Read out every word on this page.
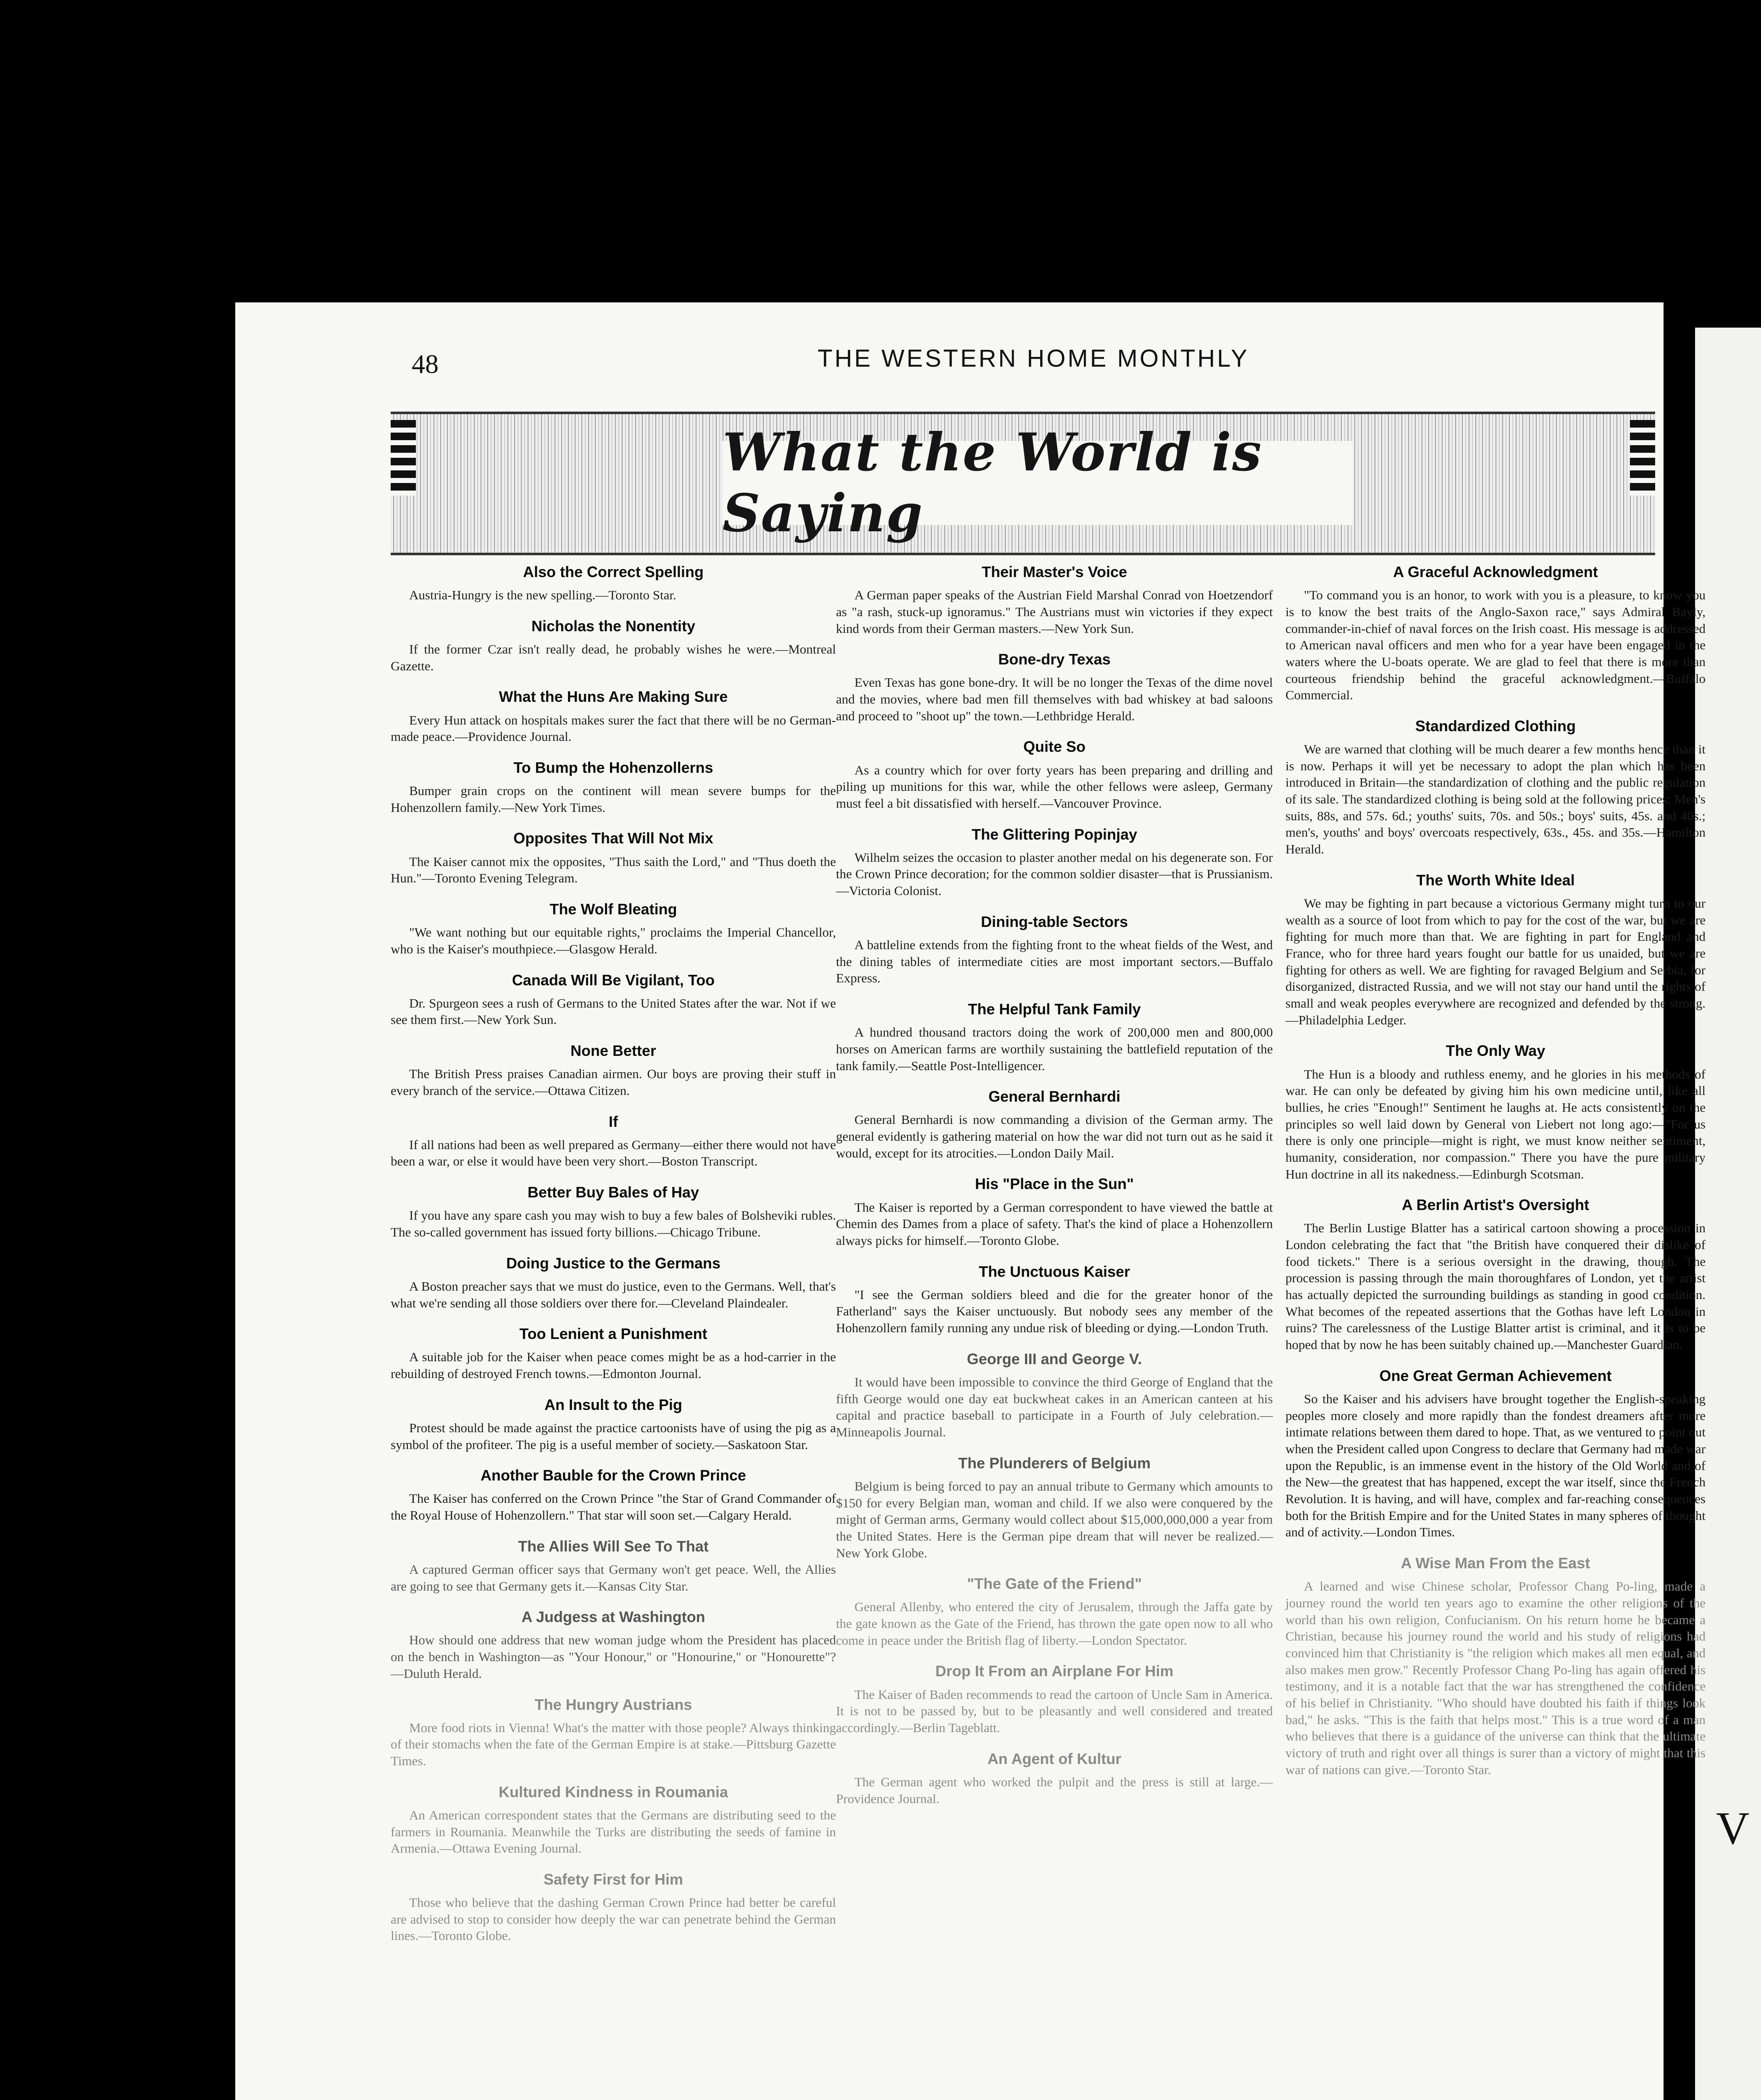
48	THE WESTERN HOME MONTHLY
What the World is Saying
Also the Correct Spelling

Austria-Hungry is the new spelling.—Toronto Star.

Nicholas the Nonentity

If the former Czar isn't really dead, he probably wishes he were.—Montreal Gazette.

What the Huns Are Making Sure

Every Hun attack on hospitals makes surer the fact that there will be no German-made peace.—Providence Journal.

To Bump the Hohenzollerns

Bumper grain crops on the continent will mean severe bumps for the Hohenzollern family.—New York Times.

Opposites That Will Not Mix

The Kaiser cannot mix the opposites, "Thus saith the Lord," and "Thus doeth the Hun."—Toronto Evening Telegram.

The Wolf Bleating

"We want nothing but our equitable rights," proclaims the Imperial Chancellor, who is the Kaiser's mouthpiece.—Glasgow Herald.

Canada Will Be Vigilant, Too

Dr. Spurgeon sees a rush of Germans to the United States after the war. Not if we see them first.—New York Sun.

None Better

The British Press praises Canadian airmen. Our boys are proving their stuff in every branch of the service.—Ottawa Citizen.

If

If all nations had been as well prepared as Germany—either there would not have been a war, or else it would have been very short.—Boston Transcript.

Better Buy Bales of Hay

If you have any spare cash you may wish to buy a few bales of Bolsheviki rubles. The so-called government has issued forty billions.—Chicago Tribune.

Doing Justice to the Germans

A Boston preacher says that we must do justice, even to the Germans. Well, that's what we're sending all those soldiers over there for.—Cleveland Plaindealer.

Too Lenient a Punishment

A suitable job for the Kaiser when peace comes might be as a hod-carrier in the rebuilding of destroyed French towns.—Edmonton Journal.

An Insult to the Pig

Protest should be made against the practice cartoonists have of using the pig as a symbol of the profiteer. The pig is a useful member of society.—Saskatoon Star.

Another Bauble for the Crown Prince

The Kaiser has conferred on the Crown Prince "the Star of Grand Commander of the Royal House of Hohenzollern." That star will soon set.—Calgary Herald.

The Allies Will See To That

A captured German officer says that Germany won't get peace. Well, the Allies are going to see that Germany gets it.—Kansas City Star.

A Judgess at Washington

How should one address that new woman judge whom the President has placed on the bench in Washington—as "Your Honour," or "Honourine," or "Honourette"?—Duluth Herald.

The Hungry Austrians

More food riots in Vienna! What's the matter with those people? Always thinking of their stomachs when the fate of the German Empire is at stake.—Pittsburg Gazette Times.

Kultured Kindness in Roumania

An American correspondent states that the Germans are distributing seed to the farmers in Roumania. Meanwhile the Turks are distributing the seeds of famine in Armenia.—Ottawa Evening Journal.

Safety First for Him

Those who believe that the dashing German Crown Prince had better be careful are advised to stop to consider how deeply the war can penetrate behind the German lines.—Toronto Globe.

Their Master's Voice

A German paper speaks of the Austrian Field Marshal Conrad von Hoetzendorf as "a rash, stuck-up ignoramus." The Austrians must win victories if they expect kind words from their German masters.—New York Sun.

Bone-dry Texas

Even Texas has gone bone-dry. It will be no longer the Texas of the dime novel and the movies, where bad men fill themselves with bad whiskey at bad saloons and proceed to "shoot up" the town.—Lethbridge Herald.

Quite So

As a country which for over forty years has been preparing and drilling and piling up munitions for this war, while the other fellows were asleep, Germany must feel a bit dissatisfied with herself.—Vancouver Province.

The Glittering Popinjay

Wilhelm seizes the occasion to plaster another medal on his degenerate son. For the Crown Prince decoration; for the common soldier disaster—that is Prussianism.—Victoria Colonist.

Dining-table Sectors

A battleline extends from the fighting front to the wheat fields of the West, and the dining tables of intermediate cities are most important sectors.—Buffalo Express.

The Helpful Tank Family

A hundred thousand tractors doing the work of 200,000 men and 800,000 horses on American farms are worthily sustaining the battlefield reputation of the tank family.—Seattle Post-Intelligencer.

General Bernhardi

General Bernhardi is now commanding a division of the German army. The general evidently is gathering material on how the war did not turn out as he said it would, except for its atrocities.—London Daily Mail.

His "Place in the Sun"

The Kaiser is reported by a German correspondent to have viewed the battle at Chemin des Dames from a place of safety. That's the kind of place a Hohenzollern always picks for himself.—Toronto Globe.

The Unctuous Kaiser

"I see the German soldiers bleed and die for the greater honor of the Fatherland" says the Kaiser unctuously. But nobody sees any member of the Hohenzollern family running any undue risk of bleeding or dying.—London Truth.

George III and George V.

It would have been impossible to convince the third George of England that the fifth George would one day eat buckwheat cakes in an American canteen at his capital and practice baseball to participate in a Fourth of July celebration.—Minneapolis Journal.

The Plunderers of Belgium

Belgium is being forced to pay an annual tribute to Germany which amounts to $150 for every Belgian man, woman and child. If we also were conquered by the might of German arms, Germany would collect about $15,000,000,000 a year from the United States. Here is the German pipe dream that will never be realized.—New York Globe.

"The Gate of the Friend"

General Allenby, who entered the city of Jerusalem, through the Jaffa gate by the gate known as the Gate of the Friend, has thrown the gate open now to all who come in peace under the British flag of liberty.—London Spectator.

Drop It From an Airplane For Him

The Kaiser of Baden recommends to read the cartoon of Uncle Sam in America. It is not to be passed by, but to be pleasantly and well considered and treated accordingly.—Berlin Tageblatt.

An Agent of Kultur

The German agent who worked the pulpit and the press is still at large.—Providence Journal.

A Graceful Acknowledgment

"To command you is an honor, to work with you is a pleasure, to know you is to know the best traits of the Anglo-Saxon race," says Admiral Bayly, commander-in-chief of naval forces on the Irish coast. His message is addressed to American naval officers and men who for a year have been engaged in the waters where the U-boats operate. We are glad to feel that there is more than courteous friendship behind the graceful acknowledgment.—Buffalo Commercial.

Standardized Clothing

We are warned that clothing will be much dearer a few months hence than it is now. Perhaps it will yet be necessary to adopt the plan which has been introduced in Britain—the standardization of clothing and the public regulation of its sale. The standardized clothing is being sold at the following prices: Men's suits, 88s, and 57s. 6d.; youths' suits, 70s. and 50s.; boys' suits, 45s. and 40s.; men's, youths' and boys' overcoats respectively, 63s., 45s. and 35s.—Hamilton Herald.

The Worth White Ideal

We may be fighting in part because a victorious Germany might turn to our wealth as a source of loot from which to pay for the cost of the war, but we are fighting for much more than that. We are fighting in part for England and France, who for three hard years fought our battle for us unaided, but we are fighting for others as well. We are fighting for ravaged Belgium and Serbia, for disorganized, distracted Russia, and we will not stay our hand until the rights of small and weak peoples everywhere are recognized and defended by the strong.—Philadelphia Ledger.

The Only Way

The Hun is a bloody and ruthless enemy, and he glories in his methods of war. He can only be defeated by giving him his own medicine until, like all bullies, he cries "Enough!" Sentiment he laughs at. He acts consistently on the principles so well laid down by General von Liebert not long ago:—"For us there is only one principle—might is right, we must know neither sentiment, humanity, consideration, nor compassion." There you have the pure military Hun doctrine in all its nakedness.—Edinburgh Scotsman.

A Berlin Artist's Oversight

The Berlin Lustige Blatter has a satirical cartoon showing a procession in London celebrating the fact that "the British have conquered their dislike of food tickets." There is a serious oversight in the drawing, though. The procession is passing through the main thoroughfares of London, yet the artist has actually depicted the surrounding buildings as standing in good condition. What becomes of the repeated assertions that the Gothas have left London in ruins? The carelessness of the Lustige Blatter artist is criminal, and it is to be hoped that by now he has been suitably chained up.—Manchester Guardian.

One Great German Achievement

So the Kaiser and his advisers have brought together the English-speaking peoples more closely and more rapidly than the fondest dreamers after more intimate relations between them dared to hope. That, as we ventured to point out when the President called upon Congress to declare that Germany had made war upon the Republic, is an immense event in the history of the Old World and of the New—the greatest that has happened, except the war itself, since the French Revolution. It is having, and will have, complex and far-reaching consequences both for the British Empire and for the United States in many spheres of thought and of activity.—London Times.

A Wise Man From the East

A learned and wise Chinese scholar, Professor Chang Po-ling, made a journey round the world ten years ago to examine the other religions of the world than his own religion, Confucianism. On his return home he became a Christian, because his journey round the world and his study of religions had convinced him that Christianity is "the religion which makes all men equal, and also makes men grow." Recently Professor Chang Po-ling has again offered his testimony, and it is a notable fact that the war has strengthened the confidence of his belief in Christianity. "Who should have doubted his faith if things look bad," he asks. "This is the faith that helps most." This is a true word of a man who believes that there is a guidance of the universe can think that the ultimate victory of truth and right over all things is surer than a victory of might that this war of nations can give.—Toronto Star.

V
